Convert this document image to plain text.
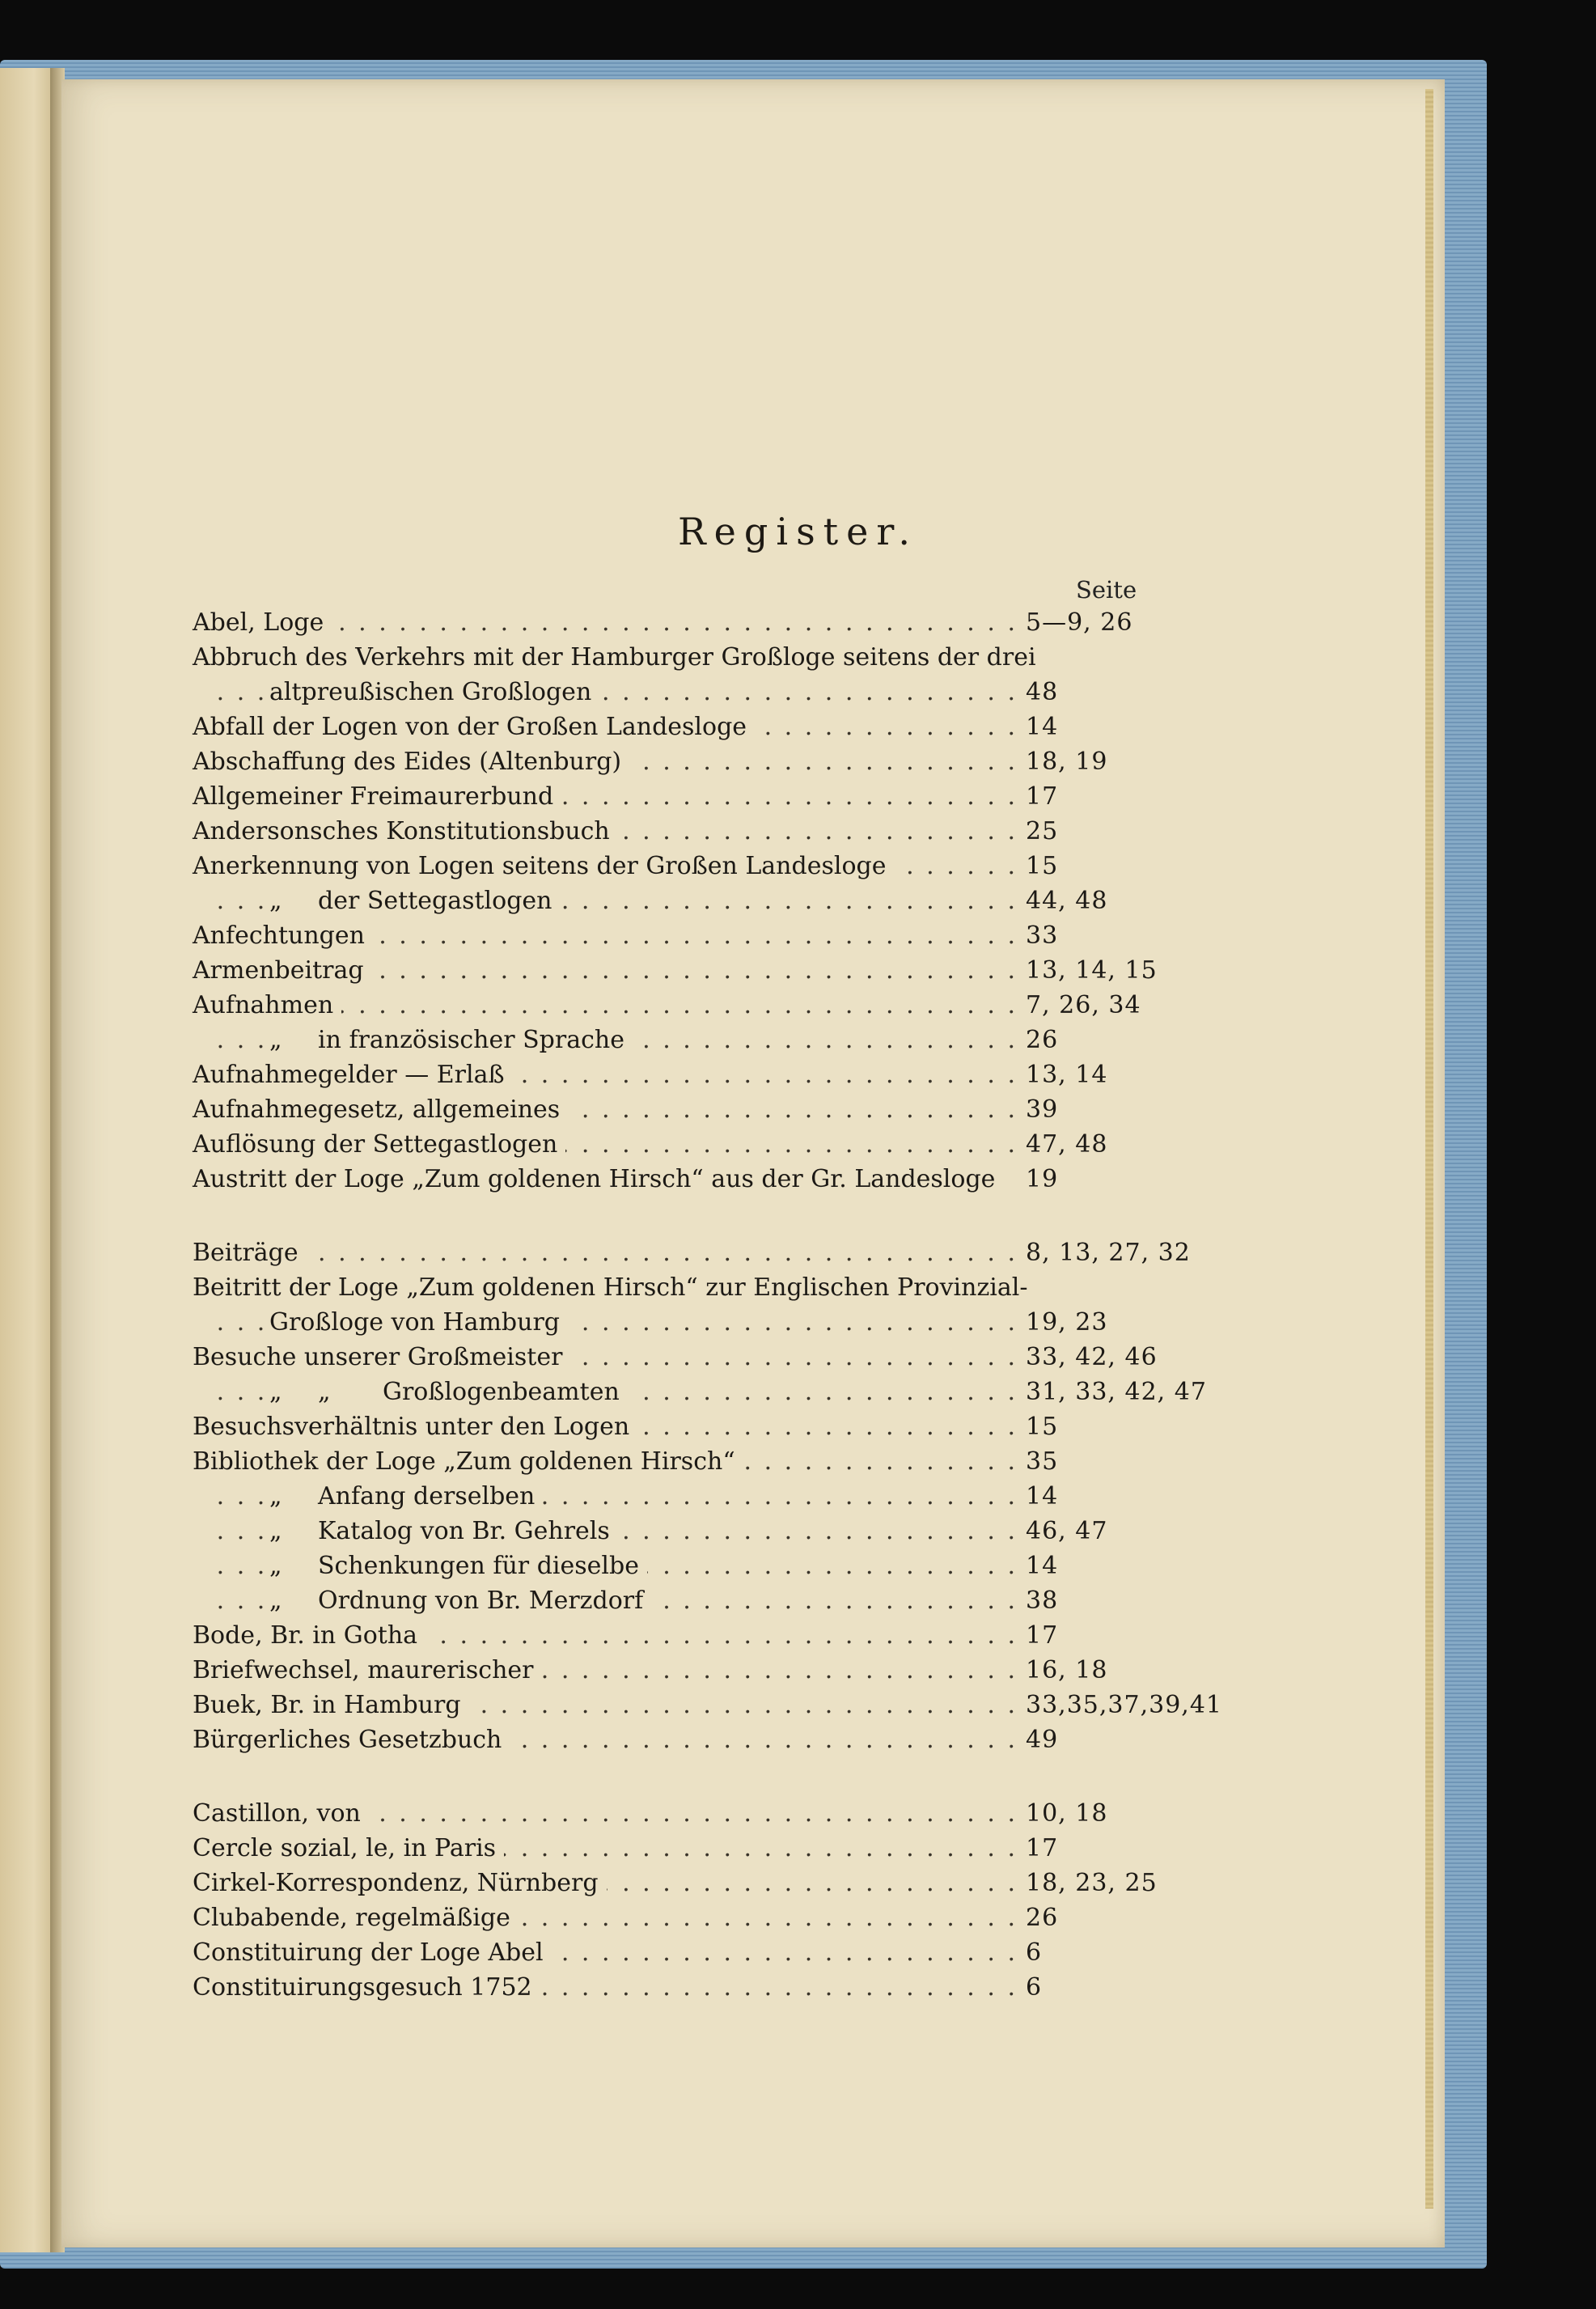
Register.
Seite
. . . Abel, Loge	5—9, 26
Abbruch des Verkehrs mit der Hamburger Großloge seitens der drei
. . . altpreußischen Großlogen	48
. . . Abfall der Logen von der Großen Landesloge	14
. . . Abschaffung des Eides (Altenburg)	18, 19
. . . Allgemeiner Freimaurerbund	17
. . . Andersonsches Konstitutionsbuch	25
. . . Anerkennung von Logen seitens der Großen Landesloge	15
. . . „ der Settegastlogen	44, 48
. . . Anfechtungen	33
. . . Armenbeitrag	13, 14, 15
. . . Aufnahmen	7, 26, 34
. . . „ in französischer Sprache	26
. . . Aufnahmegelder — Erlaß	13, 14
. . . Aufnahmegesetz, allgemeines	39
. . . Auflösung der Settegastlogen	47, 48
Austritt der Loge „Zum goldenen Hirsch“ aus der Gr. Landesloge	19
. . . Beiträge	8, 13, 27, 32
Beitritt der Loge „Zum goldenen Hirsch“ zur Englischen Provinzial-
. . . Großloge von Hamburg	19, 23
. . . Besuche unserer Großmeister	33, 42, 46
. . . „ „ Großlogenbeamten	31, 33, 42, 47
. . . Besuchsverhältnis unter den Logen	15
. . . Bibliothek der Loge „Zum goldenen Hirsch“	35
. . . „ Anfang derselben	14
. . . „ Katalog von Br. Gehrels	46, 47
. . . „ Schenkungen für dieselbe	14
. . . „ Ordnung von Br. Merzdorf	38
. . . Bode, Br. in Gotha	17
. . . Briefwechsel, maurerischer	16, 18
. . . Buek, Br. in Hamburg	33,35,37,39,41
. . . Bürgerliches Gesetzbuch	49
. . . Castillon, von	10, 18
. . . Cercle sozial, le, in Paris	17
. . . Cirkel-Korrespondenz, Nürnberg	18, 23, 25
. . . Clubabende, regelmäßige	26
. . . Constituirung der Loge Abel	6
. . . Constituirungsgesuch 1752	6
